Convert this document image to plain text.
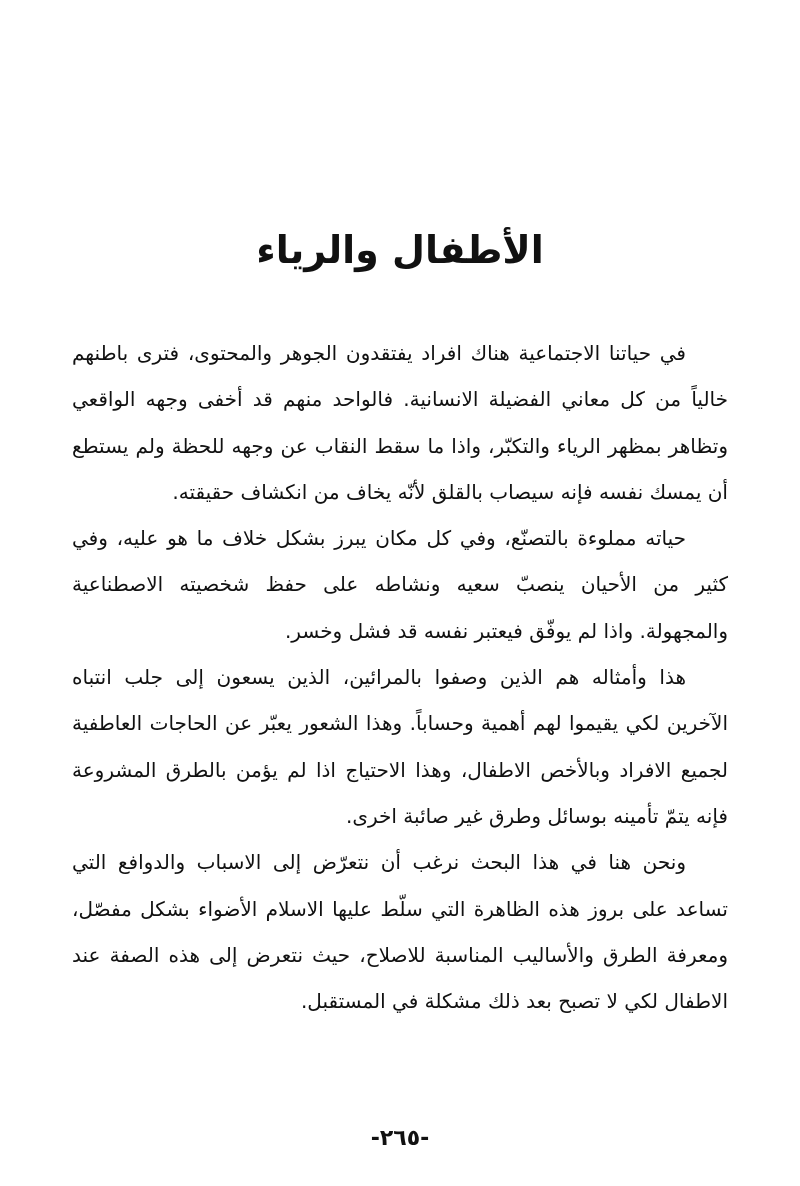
الأطفال والرياء

في حياتنا الاجتماعية هناك افراد يفتقدون الجوهر والمحتوى، فترى باطنهم خالياً من كل معاني الفضيلة الانسانية. فالواحد منهم قد أخفى وجهه الواقعي وتظاهر بمظهر الرياء والتكبّر، واذا ما سقط النقاب عن وجهه للحظة ولم يستطع أن يمسك نفسه فإنه سيصاب بالقلق لأنّه يخاف من انكشاف حقيقته.

حياته مملوءة بالتصنّع، وفي كل مكان يبرز بشكل خلاف ما هو عليه، وفي كثير من الأحيان ينصبّ سعيه ونشاطه على حفظ شخصيته الاصطناعية والمجهولة. واذا لم يوفّق فيعتبر نفسه قد فشل وخسر.

هذا وأمثاله هم الذين وصفوا بالمرائين، الذين يسعون إلى جلب انتباه الآخرين لكي يقيموا لهم أهمية وحساباً. وهذا الشعور يعبّر عن الحاجات العاطفية لجميع الافراد وبالأخص الاطفال، وهذا الاحتياج اذا لم يؤمن بالطرق المشروعة فإنه يتمّ تأمينه بوسائل وطرق غير صائبة اخرى.

ونحن هنا في هذا البحث نرغب أن نتعرّض إلى الاسباب والدوافع التي تساعد على بروز هذه الظاهرة التي سلّط عليها الاسلام الأضواء بشكل مفصّل، ومعرفة الطرق والأساليب المناسبة للاصلاح، حيث نتعرض إلى هذه الصفة عند الاطفال لكي لا تصبح بعد ذلك مشكلة في المستقبل.

-٢٦٥-
